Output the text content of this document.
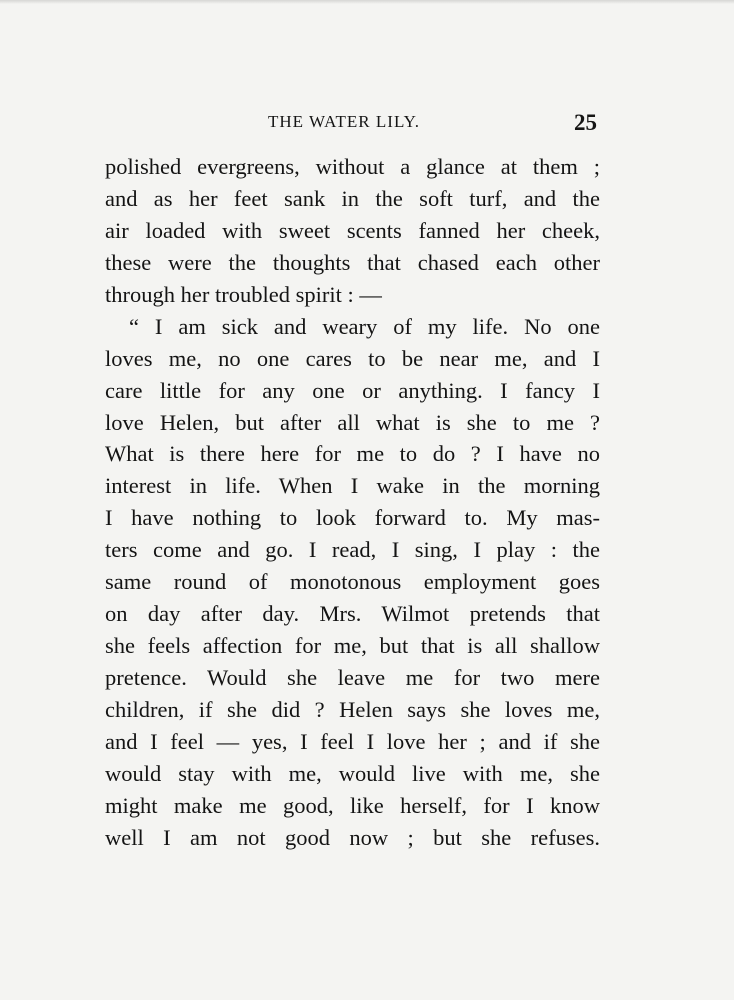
THE WATER LILY.	25
polished evergreens, without a glance at them ;
and as her feet sank in the soft turf, and the
air loaded with sweet scents fanned her cheek,
these were the thoughts that chased each other
through her troubled spirit : —
“ I am sick and weary of my life. No one
loves me, no one cares to be near me, and I
care little for any one or anything. I fancy I
love Helen, but after all what is she to me ?
What is there here for me to do ? I have no
interest in life. When I wake in the morning
I have nothing to look forward to. My mas-
ters come and go. I read, I sing, I play : the
same round of monotonous employment goes
on day after day. Mrs. Wilmot pretends that
she feels affection for me, but that is all shallow
pretence. Would she leave me for two mere
children, if she did ? Helen says she loves me,
and I feel — yes, I feel I love her ; and if she
would stay with me, would live with me, she
might make me good, like herself, for I know
well I am not good now ; but she refuses.
